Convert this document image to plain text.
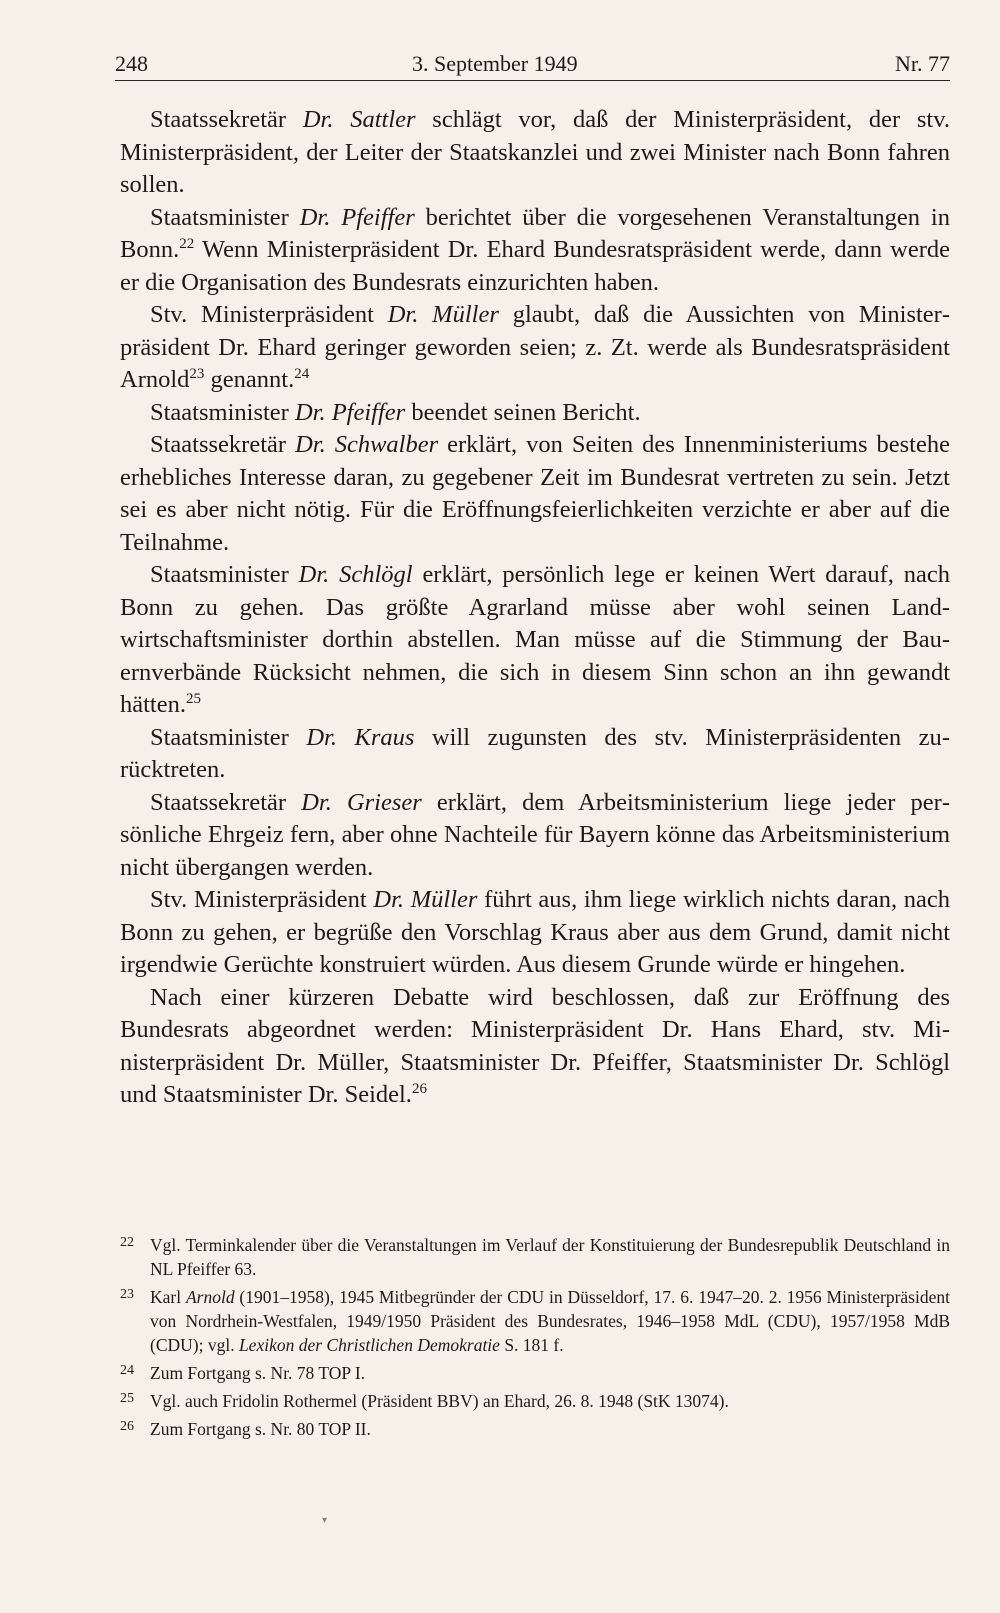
248	3. September 1949	Nr. 77

Staatssekretär Dr. Sattler schlägt vor, daß der Ministerpräsident, der stv. Ministerpräsident, der Leiter der Staatskanzlei und zwei Minister nach Bonn fahren sollen.

Staatsminister Dr. Pfeiffer berichtet über die vorgesehenen Veranstaltungen in Bonn.$^{22}$ Wenn Ministerpräsident Dr. Ehard Bundesratspräsident werde, dann werde er die Organisation des Bundesrats einzurichten haben.

Stv. Ministerpräsident Dr. Müller glaubt, daß die Aussichten von Ministerpräsident Dr. Ehard geringer geworden seien; z. Zt. werde als Bundesratspräsident Arnold$^{23}$ genannt.$^{24}$

Staatsminister Dr. Pfeiffer beendet seinen Bericht.

Staatssekretär Dr. Schwalber erklärt, von Seiten des Innenministeriums bestehe erhebliches Interesse daran, zu gegebener Zeit im Bundesrat vertreten zu sein. Jetzt sei es aber nicht nötig. Für die Eröffnungsfeierlichkeiten verzichte er aber auf die Teilnahme.

Staatsminister Dr. Schlögl erklärt, persönlich lege er keinen Wert darauf, nach Bonn zu gehen. Das größte Agrarland müsse aber wohl seinen Landwirtschaftsminister dorthin abstellen. Man müsse auf die Stimmung der Bauernverbände Rücksicht nehmen, die sich in diesem Sinn schon an ihn gewandt hätten.$^{25}$

Staatsminister Dr. Kraus will zugunsten des stv. Ministerpräsidenten zurücktreten.

Staatssekretär Dr. Grieser erklärt, dem Arbeitsministerium liege jeder persönliche Ehrgeiz fern, aber ohne Nachteile für Bayern könne das Arbeitsministerium nicht übergangen werden.

Stv. Ministerpräsident Dr. Müller führt aus, ihm liege wirklich nichts daran, nach Bonn zu gehen, er begrüße den Vorschlag Kraus aber aus dem Grund, damit nicht irgendwie Gerüchte konstruiert würden. Aus diesem Grunde würde er hingehen.

Nach einer kürzeren Debatte wird beschlossen, daß zur Eröffnung des Bundesrats abgeordnet werden: Ministerpräsident Dr. Hans Ehard, stv. Ministerpräsident Dr. Müller, Staatsminister Dr. Pfeiffer, Staatsminister Dr. Schlögl und Staatsminister Dr. Seidel.$^{26}$

22 Vgl. Terminkalender über die Veranstaltungen im Verlauf der Konstituierung der Bundesrepublik Deutschland in NL Pfeiffer 63.
23 Karl Arnold (1901–1958), 1945 Mitbegründer der CDU in Düsseldorf, 17. 6. 1947–20. 2. 1956 Ministerpräsident von Nordrhein-Westfalen, 1949/1950 Präsident des Bundesrates, 1946–1958 MdL (CDU), 1957/1958 MdB (CDU); vgl. Lexikon der Christlichen Demokratie S. 181 f.
24 Zum Fortgang s. Nr. 78 TOP I.
25 Vgl. auch Fridolin Rothermel (Präsident BBV) an Ehard, 26. 8. 1948 (StK 13074).
26 Zum Fortgang s. Nr. 80 TOP II.
▾
